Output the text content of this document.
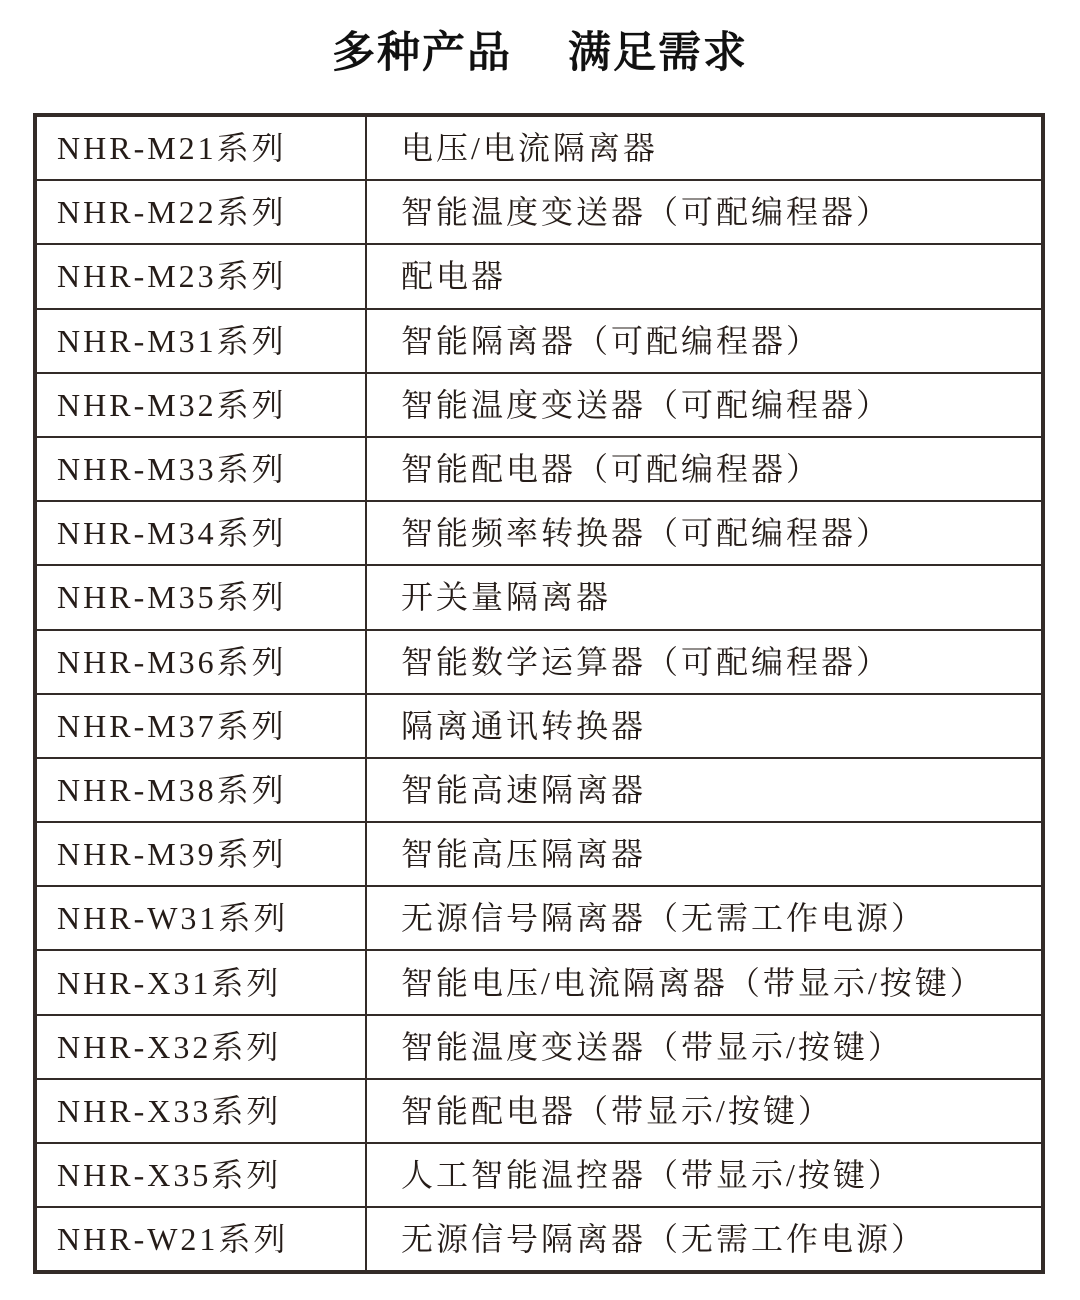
多种产品 满足需求
NHR-M21系列	电压/电流隔离器
NHR-M22系列	智能温度变送器（可配编程器）
NHR-M23系列	配电器
NHR-M31系列	智能隔离器（可配编程器）
NHR-M32系列	智能温度变送器（可配编程器）
NHR-M33系列	智能配电器（可配编程器）
NHR-M34系列	智能频率转换器（可配编程器）
NHR-M35系列	开关量隔离器
NHR-M36系列	智能数学运算器（可配编程器）
NHR-M37系列	隔离通讯转换器
NHR-M38系列	智能高速隔离器
NHR-M39系列	智能高压隔离器
NHR-W31系列	无源信号隔离器（无需工作电源）
NHR-X31系列	智能电压/电流隔离器（带显示/按键）
NHR-X32系列	智能温度变送器（带显示/按键）
NHR-X33系列	智能配电器（带显示/按键）
NHR-X35系列	人工智能温控器（带显示/按键）
NHR-W21系列	无源信号隔离器（无需工作电源）
